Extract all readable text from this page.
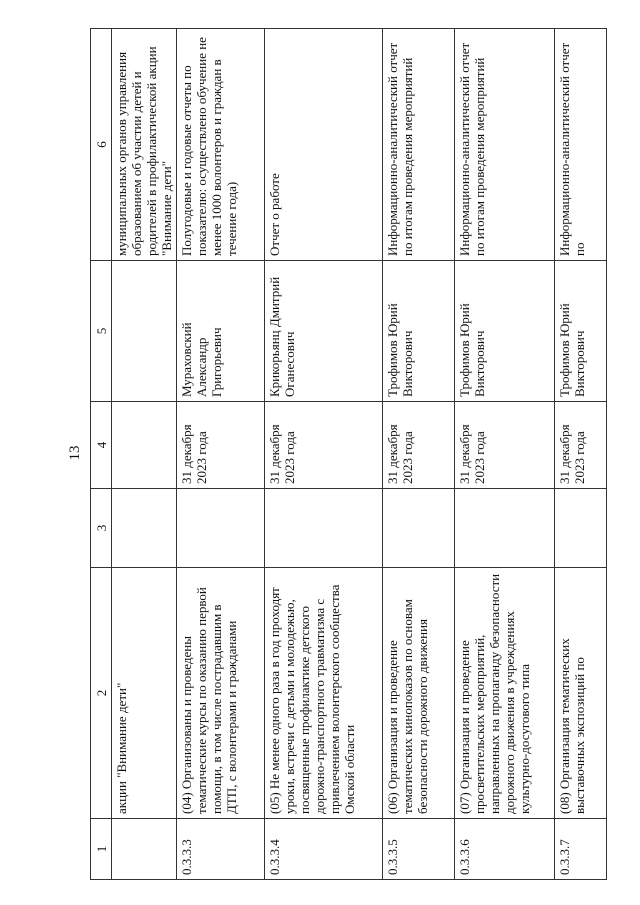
13
1	2	3	4	5	6
	акции "Внимание дети"				муниципальных органов управления образованием об участии детей и родителей в профилактической акции "Внимание дети"
0.3.3.3	(04) Организованы и проведены тематические курсы по оказанию первой помощи, в том числе пострадавшим в ДТП, с волонтерами и гражданами		31 декабря 2023 года	Мураховский Александр Григорьевич	Полугодовые и годовые отчеты по показателю: осуществлено обучение не менее 1000 волонтеров и граждан в течение года)
0.3.3.4	(05) Не менее одного раза в год проходят уроки, встречи с детьми и молодежью, посвященные профилактике детского дорожно-транспортного травматизма с привлечением волонтерского сообщества Омской области		31 декабря 2023 года	Крикорьянц Дмитрий Оганесович	Отчет о работе
0.3.3.5	(06) Организация и проведение тематических кинопоказов по основам безопасности дорожного движения		31 декабря 2023 года	Трофимов Юрий Викторович	Информационно-аналитический отчет по итогам проведения мероприятий
0.3.3.6	(07) Организация и проведение просветительских мероприятий, направленных на пропаганду безопасности дорожного движения в учреждениях культурно-досугового типа		31 декабря 2023 года	Трофимов Юрий Викторович	Информационно-аналитический отчет по итогам проведения мероприятий
0.3.3.7	(08) Организация тематических выставочных экспозиций по		31 декабря 2023 года	Трофимов Юрий Викторович	Информационно-аналитический отчет по
